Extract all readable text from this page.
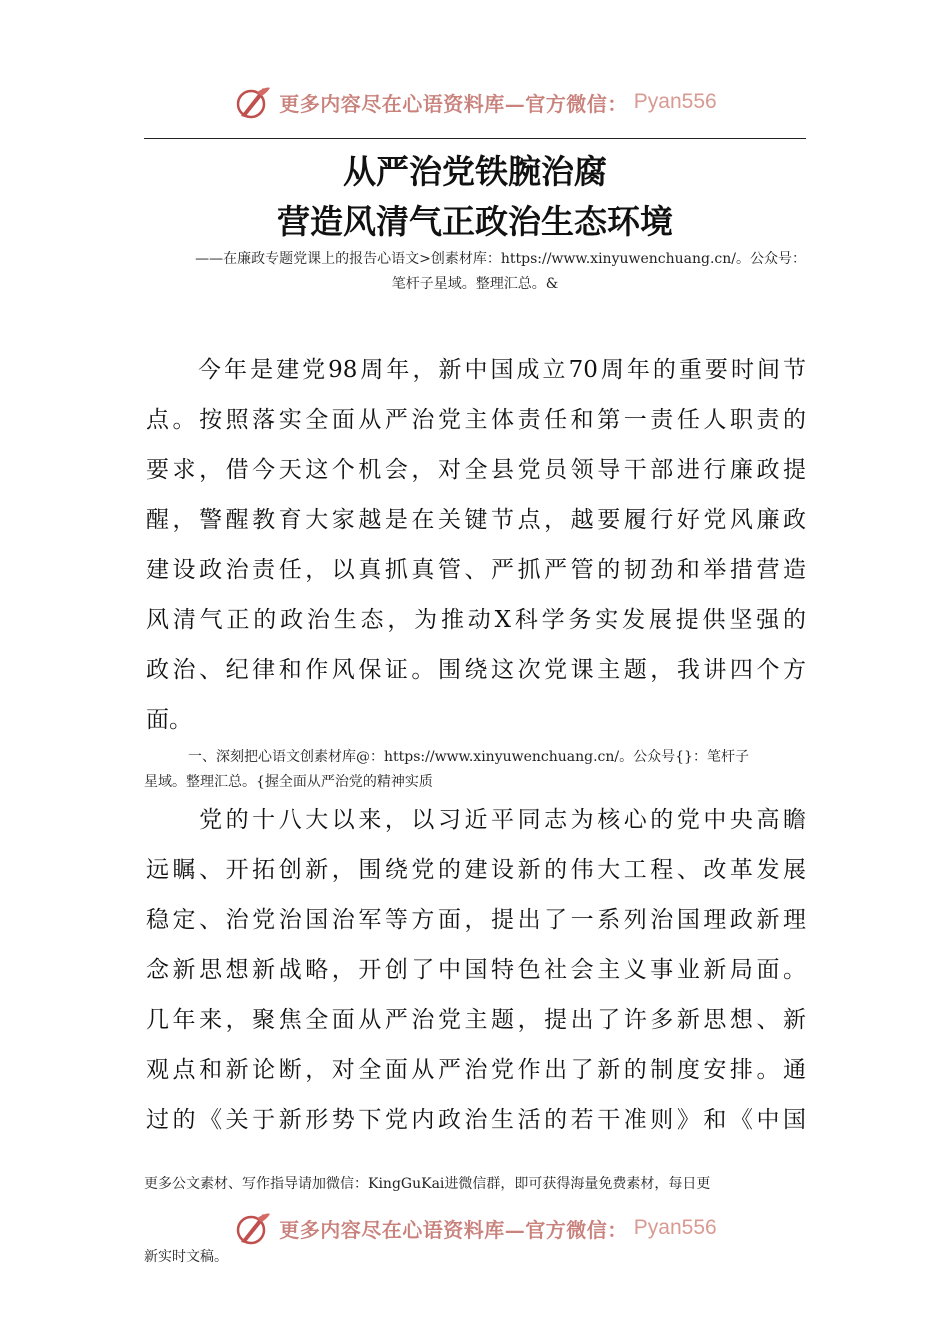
更多内容尽在心语资料库—官方微信： Pyan556
从严治党铁腕治腐
营造风清气正政治生态环境
——在廉政专题党课上的报告心语文>创素材库：https://www.xinyuwenchuang.cn/。公众号：
笔杆子星域。整理汇总。&
　　今年是建党98周年，新中国成立70周年的重要时间节
点。按照落实全面从严治党主体责任和第一责任人职责的
要求，借今天这个机会，对全县党员领导干部进行廉政提
醒，警醒教育大家越是在关键节点，越要履行好党风廉政
建设政治责任，以真抓真管、严抓严管的韧劲和举措营造
风清气正的政治生态，为推动X科学务实发展提供坚强的
政治、纪律和作风保证。围绕这次党课主题，我讲四个方
面。
一、深刻把心语文创素材库@：https://www.xinyuwenchuang.cn/。公众号{}：笔杆子
星域。整理汇总。{握全面从严治党的精神实质
　　党的十八大以来，以习近平同志为核心的党中央高瞻
远瞩、开拓创新，围绕党的建设新的伟大工程、改革发展
稳定、治党治国治军等方面，提出了一系列治国理政新理
念新思想新战略，开创了中国特色社会主义事业新局面。
几年来，聚焦全面从严治党主题，提出了许多新思想、新
观点和新论断，对全面从严治党作出了新的制度安排。通
过的《关于新形势下党内政治生活的若干准则》和《中国
更多公文素材、写作指导请加微信：KingGuKai进微信群，即可获得海量免费素材，每日更
更多内容尽在心语资料库—官方微信： Pyan556
新实时文稿。
